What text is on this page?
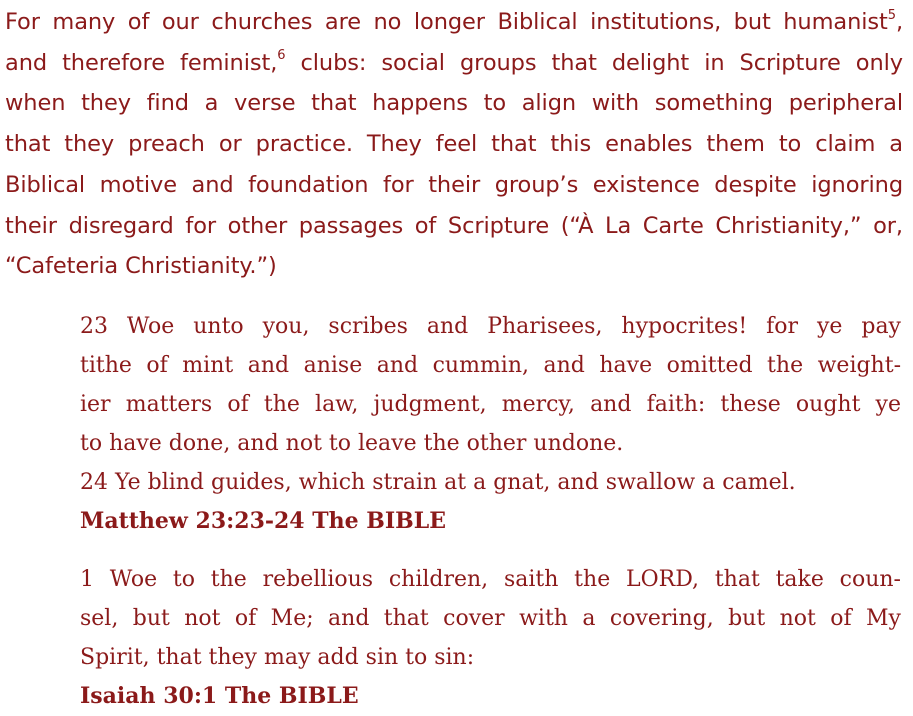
For many of our churches are no longer Biblical institutions, but humanist$^5$,
and therefore feminist,$^6$ clubs: social groups that delight in Scripture only
when they find a verse that happens to align with something peripheral
that they preach or practice. They feel that this enables them to claim a
Biblical motive and foundation for their group’s existence despite ignoring
their disregard for other passages of Scripture (“À La Carte Christianity,” or,
“Cafeteria Christianity.”)
23 Woe unto you, scribes and Pharisees, hypocrites! for ye pay
tithe of mint and anise and cummin, and have omitted the weight-
ier matters of the law, judgment, mercy, and faith: these ought ye
to have done, and not to leave the other undone.
24 Ye blind guides, which strain at a gnat, and swallow a camel.
Matthew 23:23-24 The BIBLE
1 Woe to the rebellious children, saith the LORD, that take coun-
sel, but not of Me; and that cover with a covering, but not of My
Spirit, that they may add sin to sin:
Isaiah 30:1 The BIBLE
